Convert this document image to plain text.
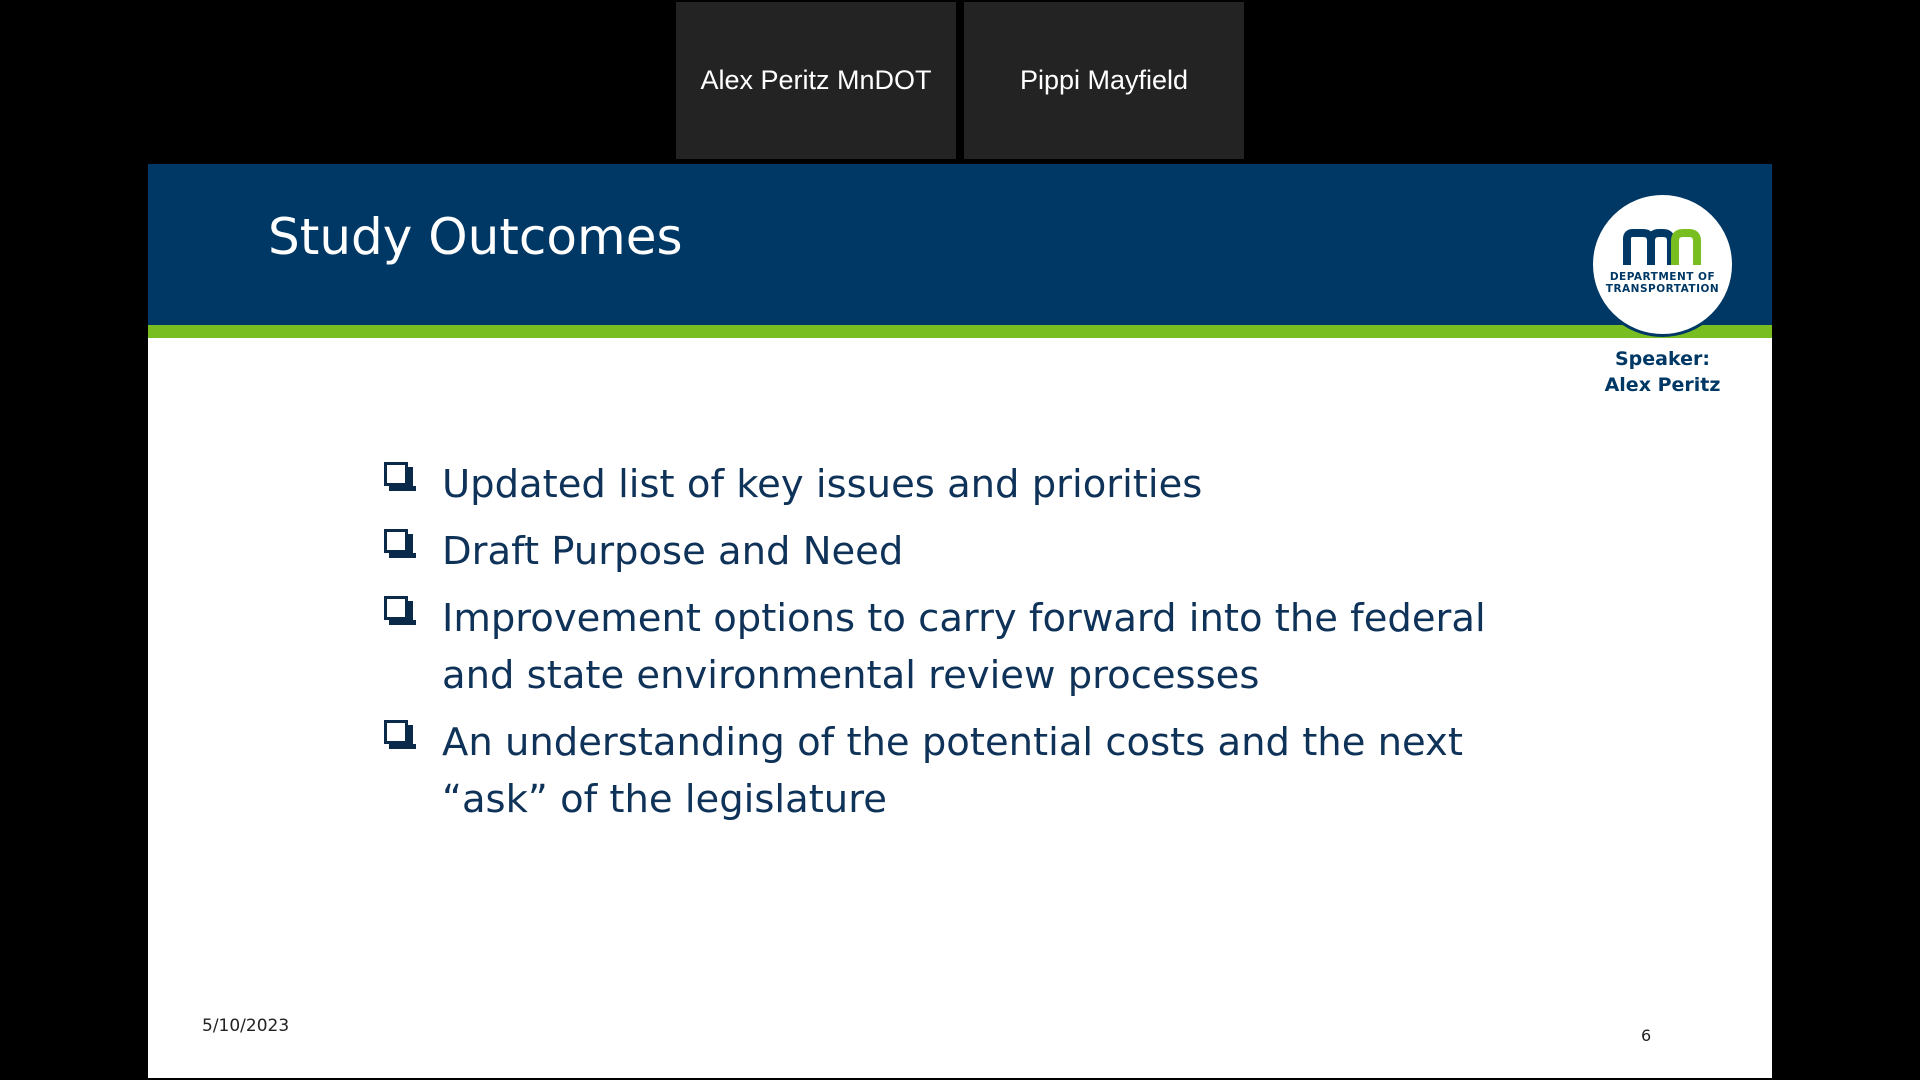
Alex Peritz MnDOT	Pippi Mayfield
Study Outcomes
DEPARTMENT OF
TRANSPORTATION
Speaker:
Alex Peritz
Updated list of key issues and priorities
Draft Purpose and Need
Improvement options to carry forward into the federal and state environmental review processes
An understanding of the potential costs and the next “ask” of the legislature
5/10/2023	6
